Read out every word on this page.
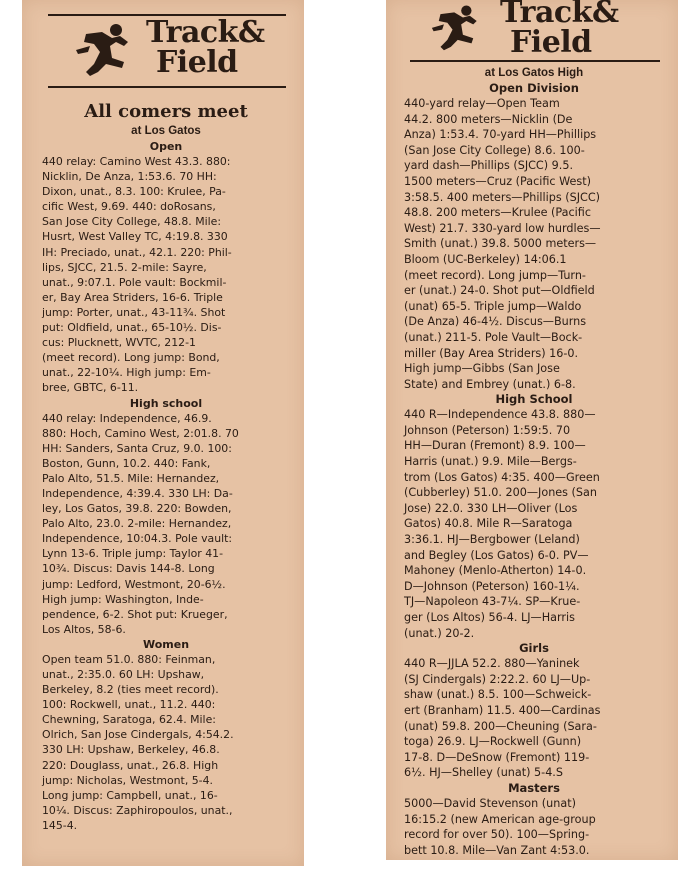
Track&
Field
All comers meet
at Los Gatos
Open

440 relay: Camino West 43.3. 880:
Nicklin, De Anza, 1:53.6. 70 HH:
Dixon, unat., 8.3. 100: Krulee, Pa-
cific West, 9.69. 440: doRosans,
San Jose City College, 48.8. Mile:
Husrt, West Valley TC, 4:19.8. 330
IH: Preciado, unat., 42.1. 220: Phil-
lips, SJCC, 21.5. 2-mile: Sayre,
unat., 9:07.1. Pole vault: Bockmil-
er, Bay Area Striders, 16-6. Triple
jump: Porter, unat., 43-11¾. Shot
put: Oldfield, unat., 65-10½. Dis-
cus: Plucknett, WVTC, 212-1
(meet record). Long jump: Bond,
unat., 22-10¼. High jump: Em-
bree, GBTC, 6-11.

High school

440 relay: Independence, 46.9.
880: Hoch, Camino West, 2:01.8. 70
HH: Sanders, Santa Cruz, 9.0. 100:
Boston, Gunn, 10.2. 440: Fank,
Palo Alto, 51.5. Mile: Hernandez,
Independence, 4:39.4. 330 LH: Da-
ley, Los Gatos, 39.8. 220: Bowden,
Palo Alto, 23.0. 2-mile: Hernandez,
Independence, 10:04.3. Pole vault:
Lynn 13-6. Triple jump: Taylor 41-
10¾. Discus: Davis 144-8. Long
jump: Ledford, Westmont, 20-6½.
High jump: Washington, Inde-
pendence, 6-2. Shot put: Krueger,
Los Altos, 58-6.

Women

Open team 51.0. 880: Feinman,
unat., 2:35.0. 60 LH: Upshaw,
Berkeley, 8.2 (ties meet record).
100: Rockwell, unat., 11.2. 440:
Chewning, Saratoga, 62.4. Mile:
Olrich, San Jose Cindergals, 4:54.2.
330 LH: Upshaw, Berkeley, 46.8.
220: Douglass, unat., 26.8. High
jump: Nicholas, Westmont, 5-4.
Long jump: Campbell, unat., 16-
10¼. Discus: Zaphiropoulos, unat.,
145-4.

Track&
Field
at Los Gatos High
Open Division

440-yard relay—Open Team
44.2. 800 meters—Nicklin (De
Anza) 1:53.4. 70-yard HH—Phillips
(San Jose City College) 8.6. 100-
yard dash—Phillips (SJCC) 9.5.
1500 meters—Cruz (Pacific West)
3:58.5. 400 meters—Phillips (SJCC)
48.8. 200 meters—Krulee (Pacific
West) 21.7. 330-yard low hurdles—
Smith (unat.) 39.8. 5000 meters—
Bloom (UC-Berkeley) 14:06.1
(meet record). Long jump—Turn-
er (unat.) 24-0. Shot put—Oldfield
(unat) 65-5. Triple jump—Waldo
(De Anza) 46-4½. Discus—Burns
(unat.) 211-5. Pole Vault—Bock-
miller (Bay Area Striders) 16-0.
High jump—Gibbs (San Jose
State) and Embrey (unat.) 6-8.

High School

440 R—Independence 43.8. 880—
Johnson (Peterson) 1:59:5. 70
HH—Duran (Fremont) 8.9. 100—
Harris (unat.) 9.9. Mile—Bergs-
trom (Los Gatos) 4:35. 400—Green
(Cubberley) 51.0. 200—Jones (San
Jose) 22.0. 330 LH—Oliver (Los
Gatos) 40.8. Mile R—Saratoga
3:36.1. HJ—Bergbower (Leland)
and Begley (Los Gatos) 6-0. PV—
Mahoney (Menlo-Atherton) 14-0.
D—Johnson (Peterson) 160-1¼.
TJ—Napoleon 43-7¼. SP—Krue-
ger (Los Altos) 56-4. LJ—Harris
(unat.) 20-2.

Girls

440 R—JJLA 52.2. 880—Yaninek
(SJ Cindergals) 2:22.2. 60 LJ—Up-
shaw (unat.) 8.5. 100—Schweick-
ert (Branham) 11.5. 400—Cardinas
(unat) 59.8. 200—Cheuning (Sara-
toga) 26.9. LJ—Rockwell (Gunn)
17-8. D—DeSnow (Fremont) 119-
6½. HJ—Shelley (unat) 5-4.S

Masters

5000—David Stevenson (unat)
16:15.2 (new American age-group
record for over 50). 100—Spring-
bett 10.8. Mile—Van Zant 4:53.0.
